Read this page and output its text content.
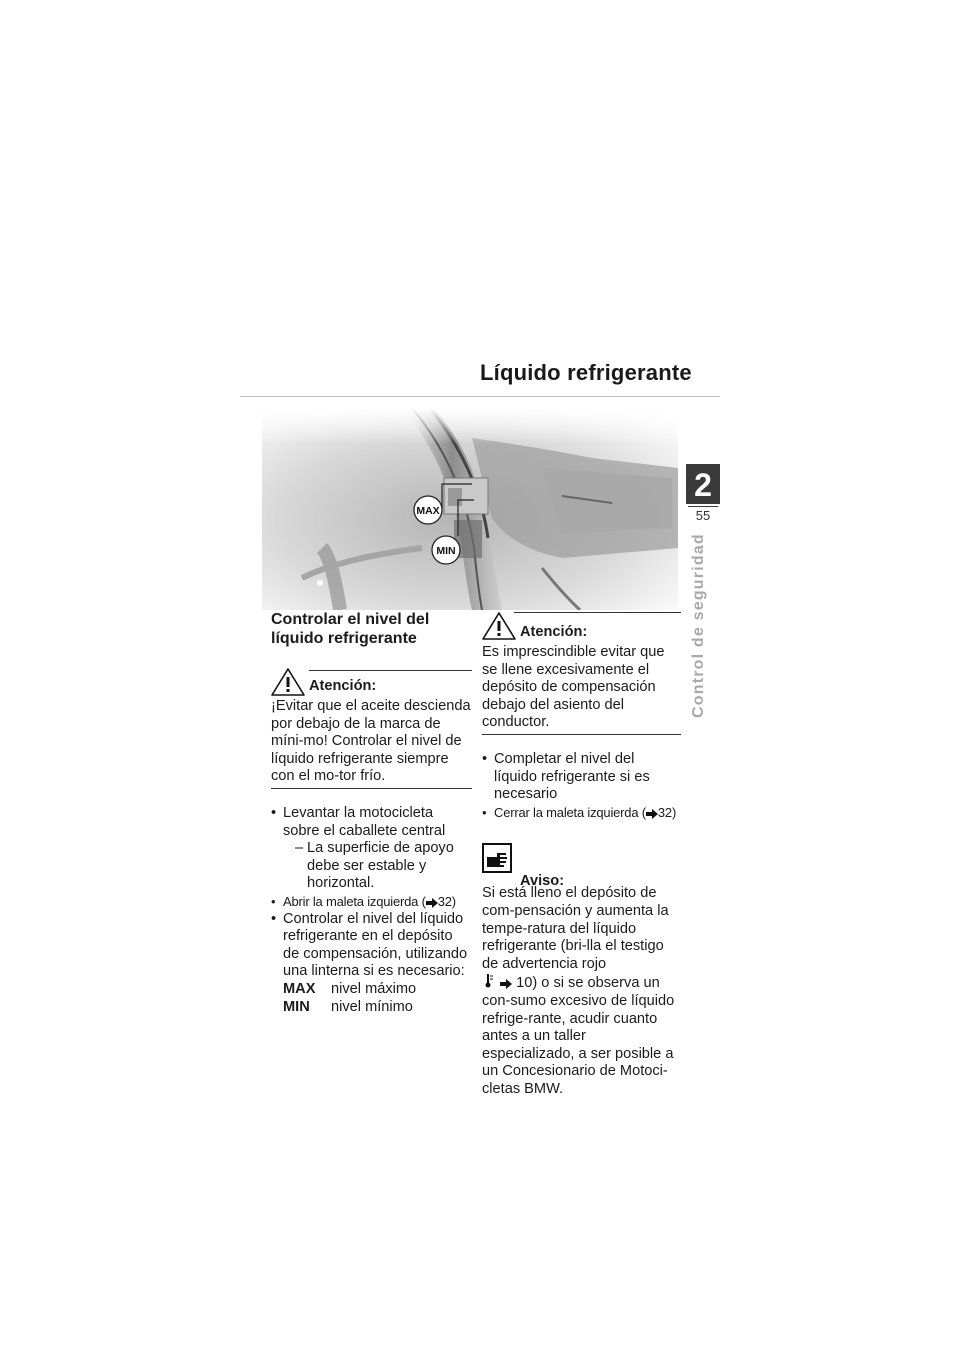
Líquido refrigerante
2
55
Control de seguridad
MAX
MIN

Controlar el nivel del líquido refrigerante

Atención:

¡Evitar que el aceite descienda por debajo de la marca de míni-mo! Controlar el nivel de líquido refrigerante siempre con el mo-tor frío.

• Levantar la motocicleta sobre el caballete central
– – La superficie de apoyo debe ser estable y horizontal.
• Abrir la maleta izquierda ( 32)
• Controlar el nivel del líquido refrigerante en el depósito de compensación, utilizando una linterna si es necesario:
MAX nivel máximo
MIN nivel mínimo
Atención:

Es imprescindible evitar que se llene excesivamente el depósito de compensación debajo del asiento del conductor.

• Completar el nivel del líquido refrigerante si es necesario
• Cerrar la maleta izquierda ( 32)
Aviso:

Si está lleno el depósito de com-pensación y aumenta la tempe-ratura del líquido refrigerante (bri-lla el testigo de advertencia rojo
10) o si se observa un con-sumo excesivo de líquido refrige-rante, acudir cuanto antes a un taller especializado, a ser posible a un Concesionario de Motoci-cletas BMW.
